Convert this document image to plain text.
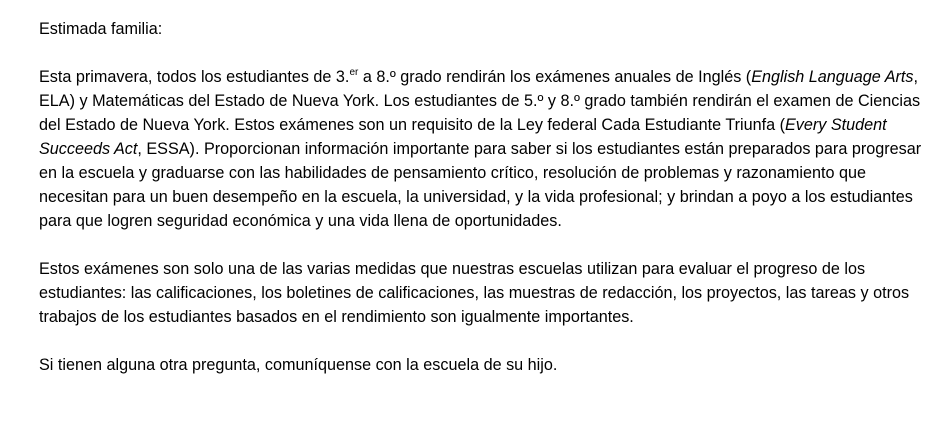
Estimada familia:

Esta primavera, todos los estudiantes de 3.$^{er}$ a 8.º grado rendirán los exámenes anuales de Inglés (English Language Arts, ELA) y Matemáticas del Estado de Nueva York. Los estudiantes de 5.º y 8.º grado también rendirán el examen de Ciencias del Estado de Nueva York. Estos exámenes son un requisito de la Ley federal Cada Estudiante Triunfa (Every Student Succeeds Act, ESSA). Proporcionan información importante para saber si los estudiantes están preparados para progresar en la escuela y graduarse con las habilidades de pensamiento crítico, resolución de problemas y razonamiento que necesitan para un buen desempeño en la escuela, la universidad, y la vida profesional; y brindan a poyo a los estudiantes para que logren seguridad económica y una vida llena de oportunidades.

Estos exámenes son solo una de las varias medidas que nuestras escuelas utilizan para evaluar el progreso de los estudiantes: las calificaciones, los boletines de calificaciones, las muestras de redacción, los proyectos, las tareas y otros trabajos de los estudiantes basados en el rendimiento son igualmente importantes.

Si tienen alguna otra pregunta, comuníquense con la escuela de su hijo.
